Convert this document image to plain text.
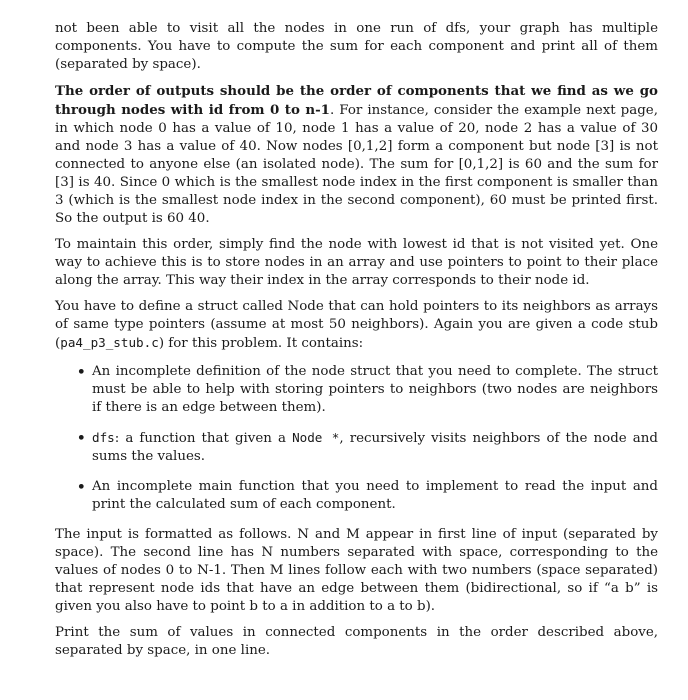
not been able to visit all the nodes in one run of dfs, your graph has multiple components. You have to compute the sum for each component and print all of them (separated by space).

The order of outputs should be the order of components that we find as we go through nodes with id from 0 to n-1. For instance, consider the example next page, in which node 0 has a value of 10, node 1 has a value of 20, node 2 has a value of 30 and node 3 has a value of 40. Now nodes [0,1,2] form a component but node [3] is not connected to anyone else (an isolated node). The sum for [0,1,2] is 60 and the sum for [3] is 40. Since 0 which is the smallest node index in the first component is smaller than 3 (which is the smallest node index in the second component), 60 must be printed first. So the output is 60 40.

To maintain this order, simply find the node with lowest id that is not visited yet. One way to achieve this is to store nodes in an array and use pointers to point to their place along the array. This way their index in the array corresponds to their node id.

You have to define a struct called Node that can hold pointers to its neighbors as arrays of same type pointers (assume at most 50 neighbors). Again you are given a code stub (pa4_p3_stub.c) for this problem. It contains:

• An incomplete definition of the node struct that you need to complete. The struct must be able to help with storing pointers to neighbors (two nodes are neighbors if there is an edge between them).
• dfs: a function that given a Node *, recursively visits neighbors of the node and sums the values.
• An incomplete main function that you need to implement to read the input and print the calculated sum of each component.

The input is formatted as follows. N and M appear in first line of input (separated by space). The second line has N numbers separated with space, corresponding to the values of nodes 0 to N-1. Then M lines follow each with two numbers (space separated) that represent node ids that have an edge between them (bidirectional, so if “a b” is given you also have to point b to a in addition to a to b).

Print the sum of values in connected components in the order described above, separated by space, in one line.
